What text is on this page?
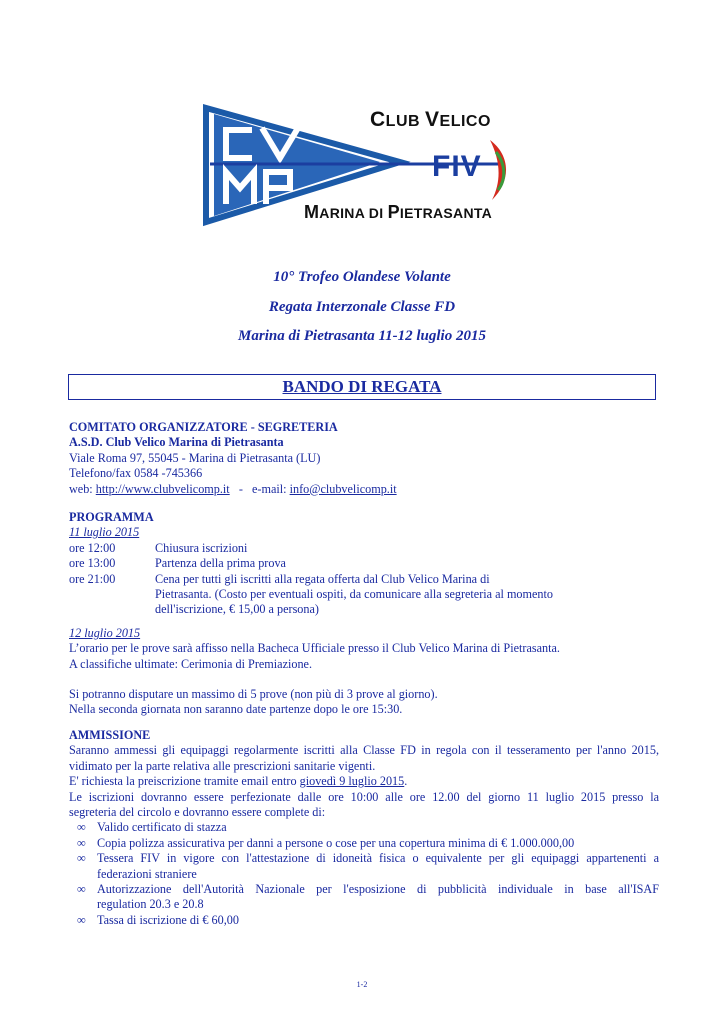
CLUB VELICO
FIV
MARINA DI PIETRASANTA
10° Trofeo Olandese Volante
Regata Interzonale Classe FD
Marina di Pietrasanta 11-12 luglio 2015
BANDO DI REGATA
COMITATO ORGANIZZATORE - SEGRETERIA
A.S.D. Club Velico Marina di Pietrasanta
Viale Roma 97, 55045 - Marina di Pietrasanta (LU)
Telefono/fax 0584 -745366
web: http://www.clubvelicomp.it   -   e-mail: info@clubvelicomp.it
PROGRAMMA
11 luglio 2015
ore 12:00	Chiusura iscrizioni
ore 13:00	Partenza della prima prova
ore 21:00	Cena per tutti gli iscritti alla regata offerta dal Club Velico Marina di
Pietrasanta. (Costo per eventuali ospiti, da comunicare alla segreteria al momento
dell'iscrizione, € 15,00 a persona)
12 luglio 2015
L’orario per le prove sarà affisso nella Bacheca Ufficiale presso il Club Velico Marina di Pietrasanta.
A classifiche ultimate: Cerimonia di Premiazione.
Si potranno disputare un massimo di 5 prove (non più di 3 prove al giorno).
Nella seconda giornata non saranno date partenze dopo le ore 15:30.
AMMISSIONE
Saranno ammessi gli equipaggi regolarmente iscritti alla Classe FD in regola con il tesseramento per l'anno 2015,
vidimato per la parte relativa alle prescrizioni sanitarie vigenti.
E' richiesta la preiscrizione tramite email entro giovedì 9 luglio 2015.
Le iscrizioni dovranno essere perfezionate dalle ore 10:00 alle ore 12.00 del giorno 11 luglio 2015 presso la
segreteria del circolo e dovranno essere complete di:
∞ Valido certificato di stazza
∞ Copia polizza assicurativa per danni a persone o cose per una copertura minima di € 1.000.000,00
∞ Tessera FIV in vigore con l'attestazione di idoneità fisica o equivalente per gli equipaggi appartenenti a
federazioni straniere
∞ Autorizzazione dell'Autorità Nazionale per l'esposizione di pubblicità individuale in base all'ISAF
regulation 20.3 e 20.8
∞ Tassa di iscrizione di € 60,00
1-2
